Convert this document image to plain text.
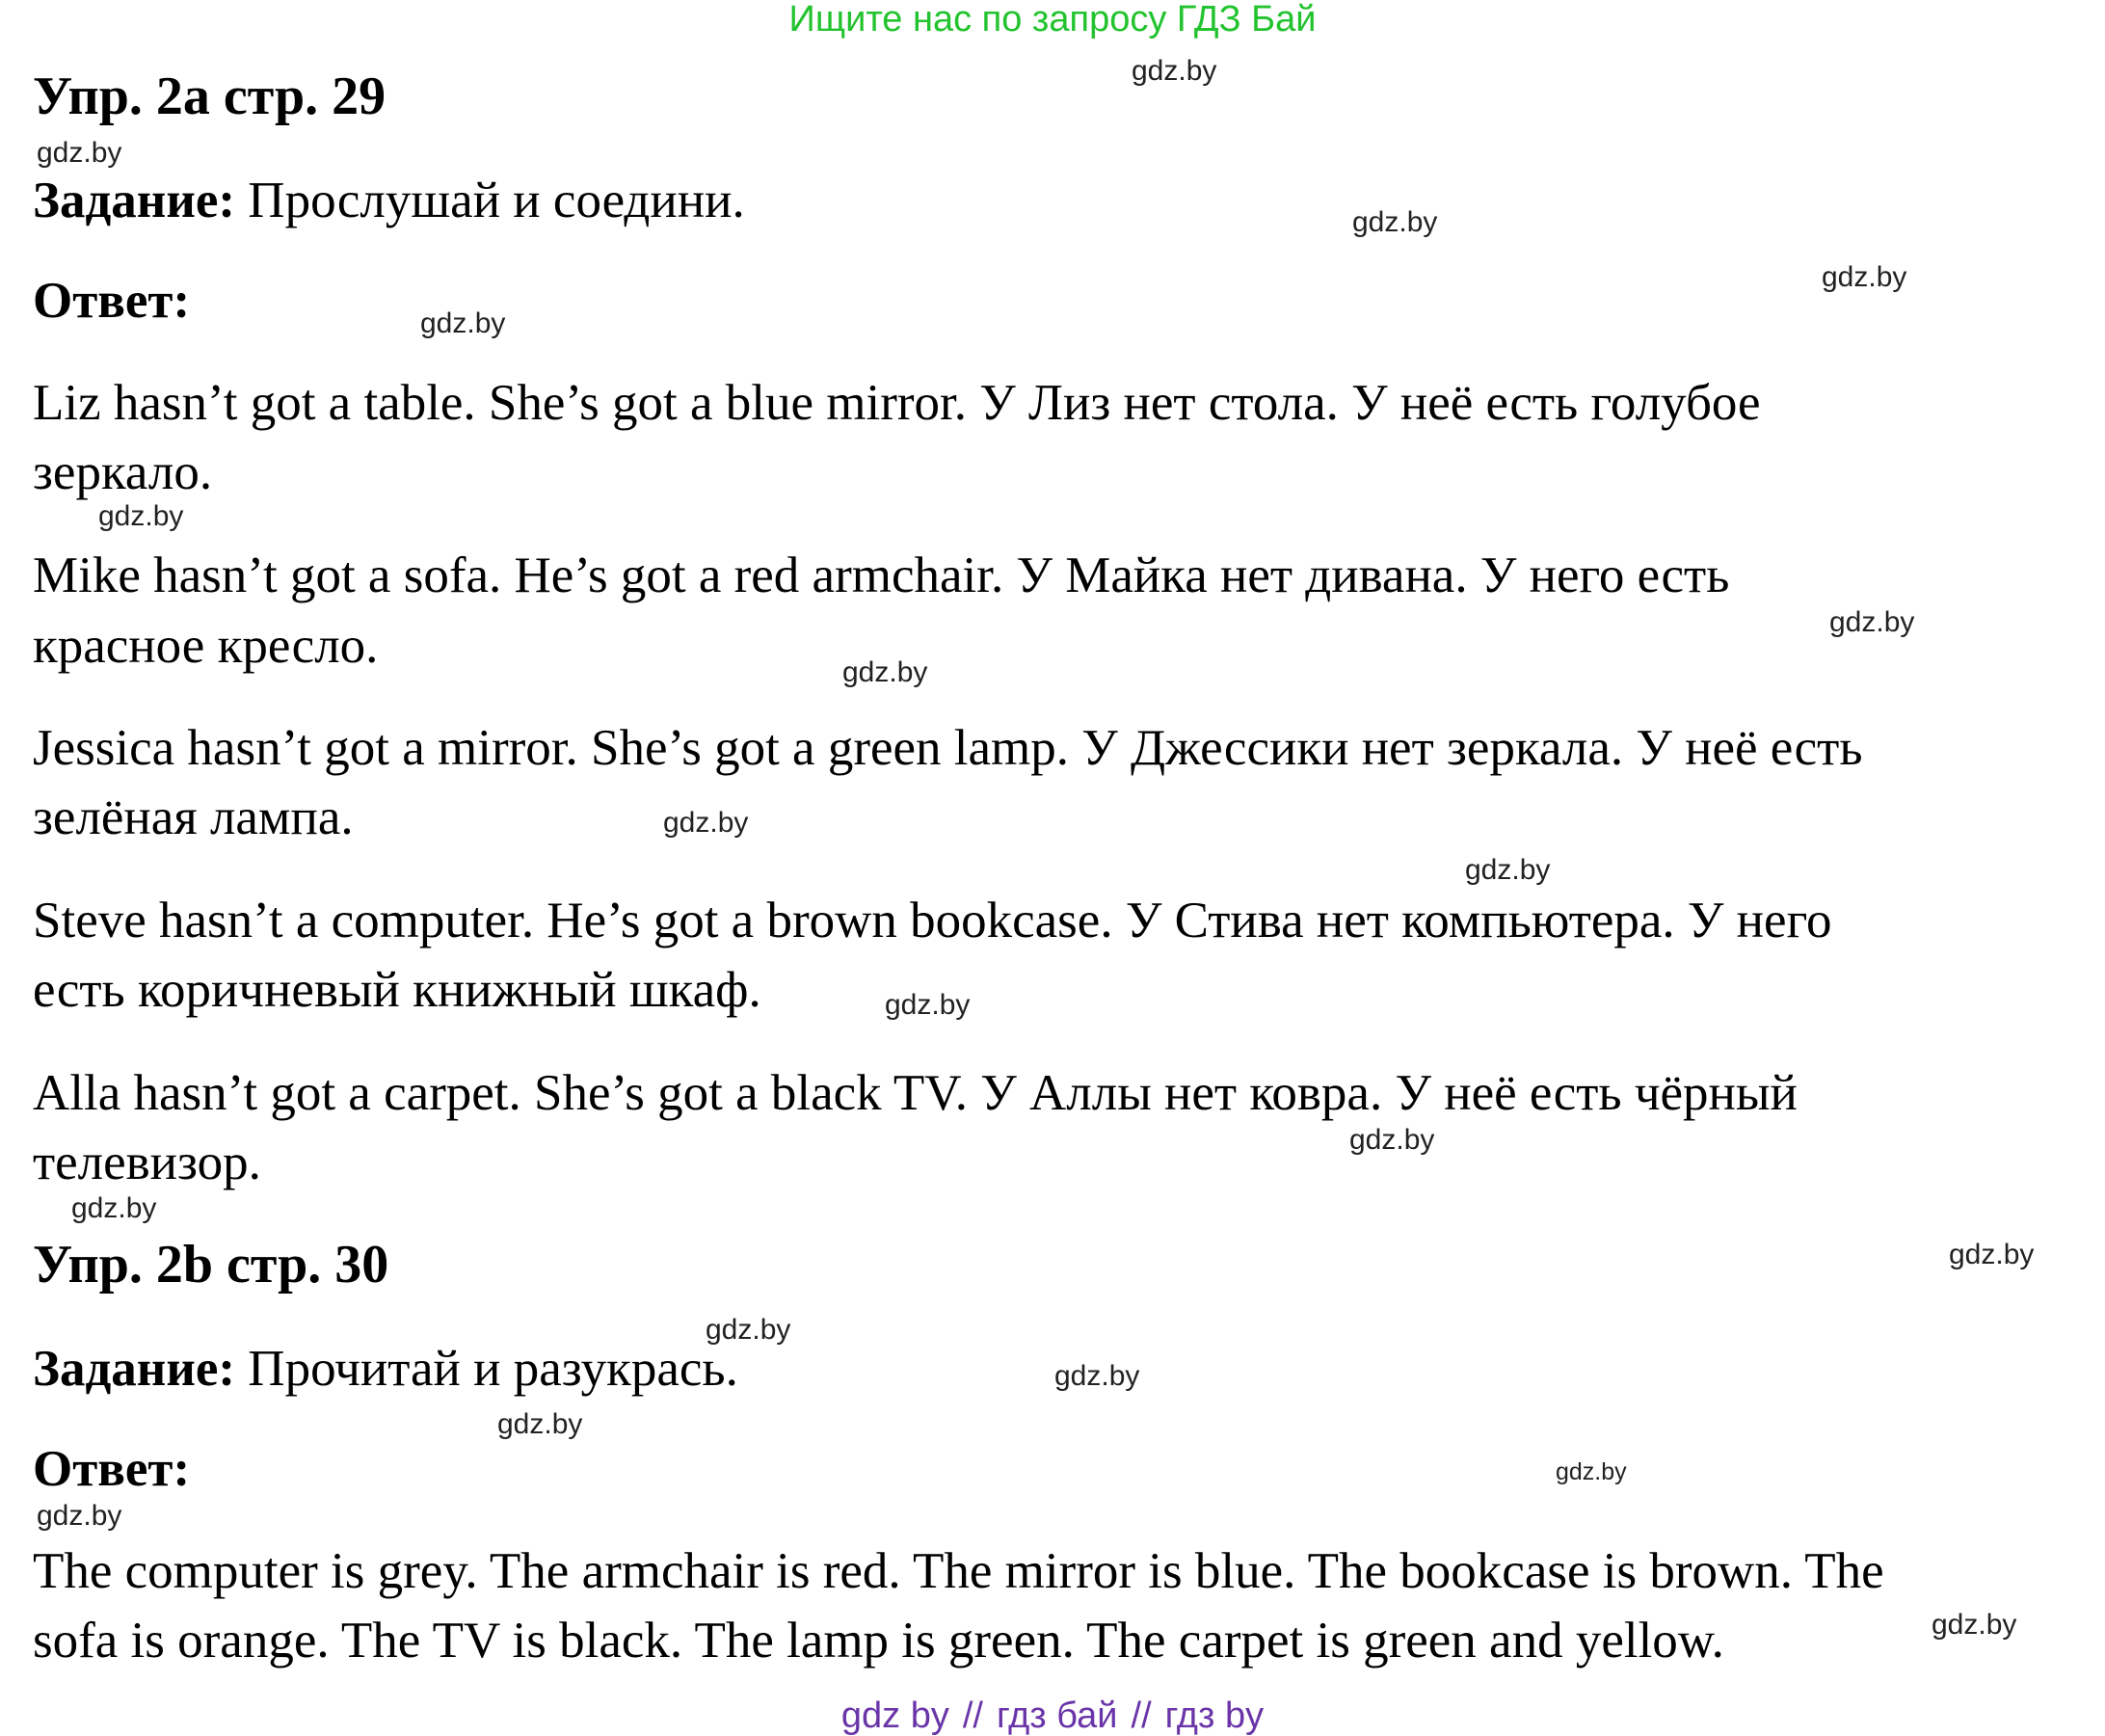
Ищите нас по запросу ГДЗ Бай
Упр. 2a стр. 29
Задание: Прослушай и соедини.
Ответ:
Liz hasn’t got a table. She’s got a blue mirror. У Лиз нет стола. У неё есть голубое
зеркало.
Mike hasn’t got a sofa. He’s got a red armchair. У Майка нет дивана. У него есть
красное кресло.
Jessica hasn’t got a mirror. She’s got a green lamp. У Джессики нет зеркала. У неё есть
зелёная лампа.
Steve hasn’t a computer. He’s got a brown bookcase. У Стива нет компьютера. У него
есть коричневый книжный шкаф.
Alla hasn’t got a carpet. She’s got a black TV. У Аллы нет ковра. У неё есть чёрный
телевизор.
Упр. 2b стр. 30
Задание: Прочитай и разукрась.
Ответ:
The computer is grey. The armchair is red. The mirror is blue. The bookcase is brown. The
sofa is orange. The TV is black. The lamp is green. The carpet is green and yellow.
gdz.by
gdz.by
gdz.by
gdz.by
gdz.by
gdz.by
gdz.by
gdz.by
gdz.by
gdz.by
gdz.by
gdz.by
gdz.by
gdz.by
gdz.by
gdz.by
gdz.by
gdz.by
gdz.by
gdz.by
gdz by // гдз бай // гдз by
